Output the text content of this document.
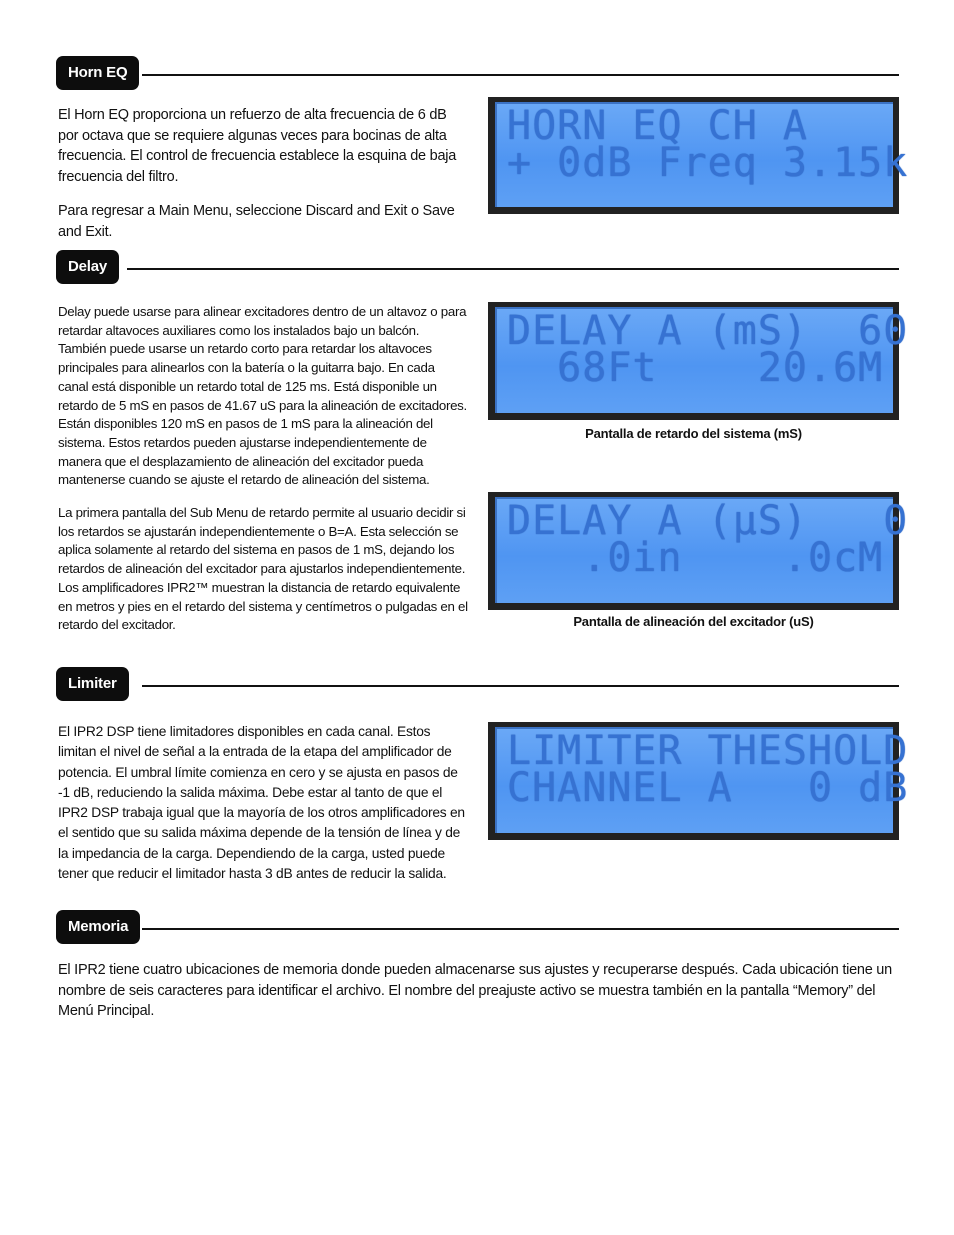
Horn EQ

El Horn EQ proporciona un refuerzo de alta frecuencia de 6 dB por octava que se requiere algunas veces para bocinas de alta frecuencia. El control de frecuencia establece la esquina de baja frecuencia del filtro.

Para regresar a Main Menu, seleccione Discard and Exit o Save and Exit.

HORN EQ CH A
+ 0dB Freq 3.15k
Delay

Delay puede usarse para alinear excitadores dentro de un altavoz o para retardar altavoces auxiliares como los instalados bajo un balcón. También puede usarse un retardo corto para retardar los altavoces principales para alinearlos con la batería o la guitarra bajo. En cada canal está disponible un retardo total de 125 ms. Está disponible un retardo de 5 mS en pasos de 41.67 uS para la alineación de excitadores. Están disponibles 120 mS en pasos de 1 mS para la alineación del sistema. Estos retardos pueden ajustarse independientemente de manera que el desplazamiento de alineación del excitador pueda mantenerse cuando se ajuste el retardo de alineación del sistema.

La primera pantalla del Sub Menu de retardo permite al usuario decidir si los retardos se ajustarán independientemente o B=A. Esta selección se aplica solamente al retardo del sistema en pasos de 1 mS, dejando los retardos de alineación del excitador para ajustarlos independientemente. Los amplificadores IPR2™ muestran la distancia de retardo equivalente en metros y pies en el retardo del sistema y centímetros o pulgadas en el retardo del excitador.

DELAY A (mS)  60
68Ft    20.6M
Pantalla de retardo del sistema (mS)
DELAY A (µS)   0
.0in    .0cM
Pantalla de alineación del excitador (uS)
Limiter

El IPR2 DSP tiene limitadores disponibles en cada canal. Estos limitan el nivel de señal a la entrada de la etapa del amplificador de potencia. El umbral límite comienza en cero y se ajusta en pasos de -1 dB, reduciendo la salida máxima. Debe estar al tanto de que el IPR2 DSP trabaja igual que la mayoría de los otros amplificadores en el sentido que su salida máxima depende de la tensión de línea y de la impedancia de la carga. Dependiendo de la carga, usted puede tener que reducir el limitador hasta 3 dB antes de reducir la salida.

LIMITER THESHOLD
CHANNEL A   0 dB
Memoria

El IPR2 tiene cuatro ubicaciones de memoria donde pueden almacenarse sus ajustes y recuperarse después. Cada ubicación tiene un nombre de seis caracteres para identificar el archivo. El nombre del preajuste activo se muestra también en la pantalla “Memory” del Menú Principal.
